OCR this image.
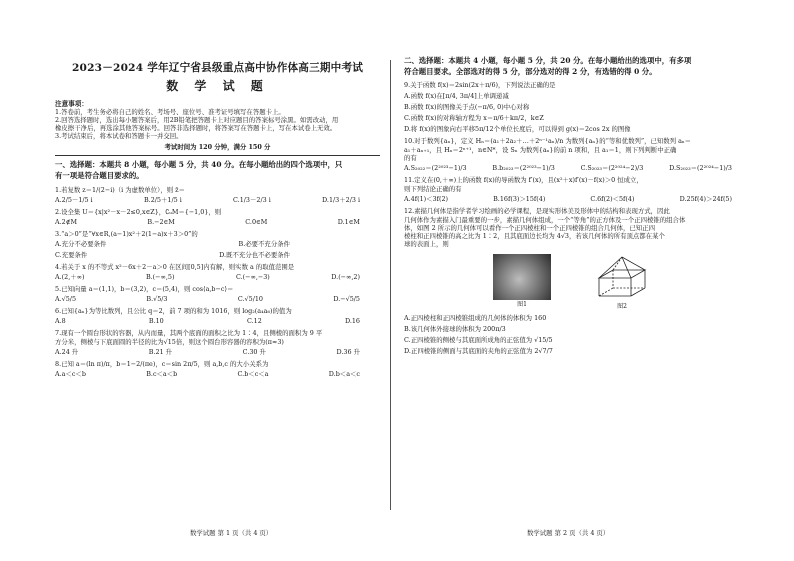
2023－2024 学年辽宁省县级重点高中协作体高三期中考试
数 学 试 题
注意事项：
1.答卷前，考生务必将自己的姓名、考场号、座位号、准考证号填写在答题卡上。
2.回答选择题时，选出每小题答案后，用2B铅笔把答题卡上对应题目的答案标号涂黑。如需改动，用
橡皮擦干净后，再选涂其他答案标号。回答非选择题时，将答案写在答题卡上，写在本试卷上无效。
3.考试结束后，将本试卷和答题卡一并交回。
考试时间为 120 分钟，满分 150 分
一、选择题：本题共 8 小题，每小题 5 分，共 40 分。在每小题给出的四个选项中，只
有一项是符合题目要求的。
1.若复数 z＝1/(2−i)（i 为虚数单位），则 z̄＝
A.2/5－1/5 i	B.2/5＋1/5 i	C.1/3－2/3 i	D.1/3＋2/3 i
2.设全集 U＝{x|x²－x－2≤0,x∈Z}，∁ᵤM＝{−1,0}，则
A.2∉M	B.−2∈M	C.0∈M	D.1∈M
3.“a＞0”是“∀x∈R,(a−1)x²＋2(1−a)x＋3＞0”的
A.充分不必要条件	B.必要不充分条件
C.充要条件	D.既不充分也不必要条件
4.若关于 x 的不等式 x²－6x＋2－a＞0 在区间[0,5]内有解，则实数 a 的取值范围是
A.(2,＋∞)	B.(−∞,5)	C.(−∞,−3)	D.(−∞,2)
5.已知向量 a＝(1,1)，b＝(3,2)，c＝(5,4)，则 cos⟨a,b−c⟩＝
A.√5/5	B.√5/3	C.√5/10	D.−√5/5
6.已知{aₙ}为等比数列，且公比 q＝2，前 7 项的和为 1016，则 log₂(a₄a₆)的值为
A.8	B.10	C.12	D.16
7.现有一个圆台形状的容器，从内而量，其两个底面的面积之比为 1∶4，且侧棱的面积为 9 平
方分米，侧棱与下底面圆的半径的比为√15倍，则这个圆台形容器的容积为(π≈3)
A.24 升	B.21 升	C.30 升	D.36 升
8.已知 a＝(ln π)/π，b＝1−2/(πe)，c＝sin 2π/5，则 a,b,c 的大小关系为
A.a＜c＜b	B.c＜a＜b	C.b＜c＜a	D.b＜a＜c
二、选择题：本题共 4 小题，每小题 5 分，共 20 分。在每小题给出的选项中，有多项
符合题目要求。全部选对的得 5 分，部分选对的得 2 分，有选错的得 0 分。
9.关于函数 f(x)＝2sin(2x＋π/6)，下列说法正确的是
A.函数 f(x)在[π/4, 3π/4]上单调递减
B.函数 f(x)的图像关于点(−π/6, 0)中心对称
C.函数 f(x)的对称轴方程为 x＝π/6＋kπ/2，k∈Z
D.将 f(x)的图象向右平移5π/12个单位长度后，可以得到 g(x)＝2cos 2x 的图像
10.对于数列{aₙ}，定义 Hₙ＝(a₁＋2a₂＋…＋2ⁿ⁻¹aₙ)/n 为数列{aₙ}的“等和优数列”，已知数列 aₙ＝
a₁＋aₙ₊₁，且 Hₙ＝2ⁿ⁺¹，n∈N*，设 Sₙ 为数列{aₙ}的前 n 项和，且 a₁＝1，则下列判断中正确
的有
A.S₂₀₂₂＝(2²⁰²³−1)/3	B.b₂₀₂₃＝(2²⁰²³−1)/3	C.S₂₀₂₃＝(2²⁰²⁴−2)/3	D.S₂₀₂₃＝(2²⁰²⁴−1)/3
11.定义在(0,＋∞)上的函数 f(x)的导函数为 f′(x)，且(x²＋x)f′(x)－f(x)＞0 恒成立，
则下列结论正确的有
A.4f(1)＜3f(2)	B.16f(3)＞15f(4)	C.6f(2)＜5f(4)	D.25f(4)＞24f(5)
12.素描几何体是指学者学习绘画的必学课程，是现实形体美及形体中的结构和表现方式，因此
几何体作为素描入门最重要的一步，素描几何体组成，一个“等角”的正方体及一个正四棱锥的组合体
体，如图 2 所示的几何体可以看作一个正四棱柱和一个正四棱锥的组合几何体，已知正四
棱柱和正四棱锥的高之比为 1∶2，且其底面边长均为 4√3，若该几何体的所有顶点都在某个
球的表面上，则
图1	图2
A.正四棱柱和正四棱锥组成的几何体的体积为 160
B.该几何体外接球的体积为 200π/3
C.正四棱锥的侧棱与其底面所成角的正弦值为 √15/5
D.正四棱锥的侧面与其底面的夹角的正弦值为 2√7/7
数学试题 第 1 页（共 4 页）	数学试题 第 2 页（共 4 页）
